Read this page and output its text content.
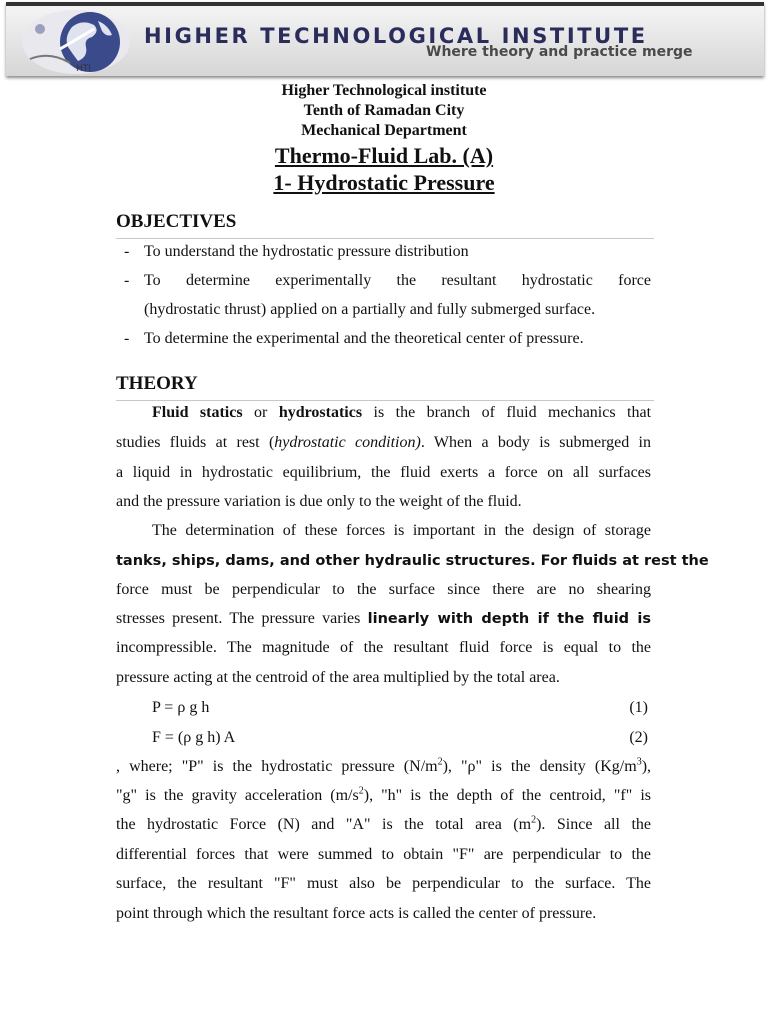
HTI
HIGHER TECHNOLOGICAL INSTITUTE
Where theory and practice merge
Higher Technological institute
Tenth of Ramadan City
Mechanical Department
Thermo-Fluid Lab. (A)
1- Hydrostatic Pressure
OBJECTIVES
- To understand the hydrostatic pressure distribution
- To determine experimentally the resultant hydrostatic force
(hydrostatic thrust) applied on a partially and fully submerged surface.
- To determine the experimental and the theoretical center of pressure.
THEORY
Fluid statics or hydrostatics is the branch of fluid mechanics that
studies fluids at rest (hydrostatic condition). When a body is submerged in
a liquid in hydrostatic equilibrium, the fluid exerts a force on all surfaces
and the pressure variation is due only to the weight of the fluid.
The determination of these forces is important in the design of storage
tanks, ships, dams, and other hydraulic structures. For fluids at rest the
force must be perpendicular to the surface since there are no shearing
stresses present. The pressure varies linearly with depth if the fluid is
incompressible. The magnitude of the resultant fluid force is equal to the
pressure acting at the centroid of the area multiplied by the total area.
P = ρ g h	(1)
F = (ρ g h) A	(2)
, where; "P" is the hydrostatic pressure $(N/m^2)$, "ρ" is the density $(Kg/m^3)$,
"g" is the gravity acceleration $(m/s^2)$, "h" is the depth of the centroid, "f" is
the hydrostatic Force (N) and "A" is the total area $(m^2)$. Since all the
differential forces that were summed to obtain "F" are perpendicular to the
surface, the resultant "F" must also be perpendicular to the surface. The
point through which the resultant force acts is called the center of pressure.
